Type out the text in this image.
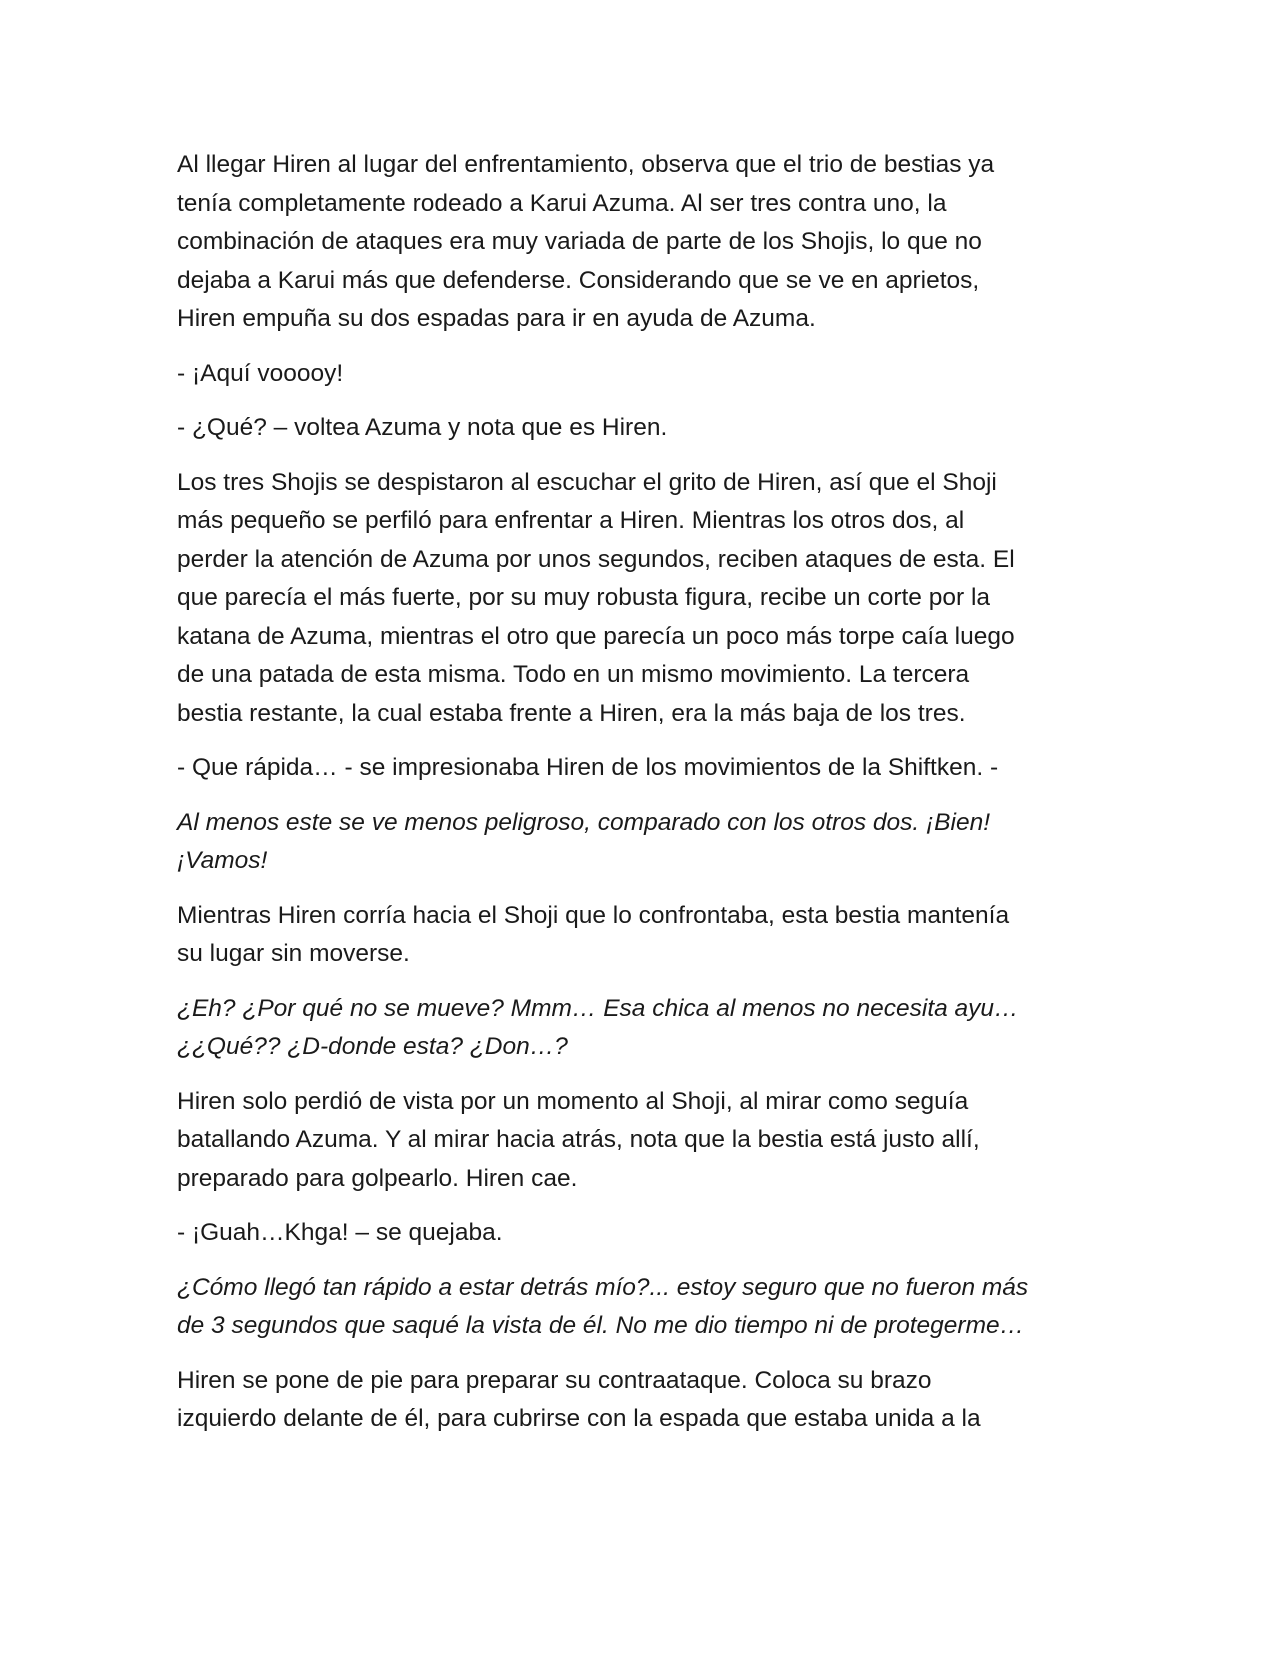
Al llegar Hiren al lugar del enfrentamiento, observa que el trio de bestias ya
tenía completamente rodeado a Karui Azuma. Al ser tres contra uno, la
combinación de ataques era muy variada de parte de los Shojis, lo que no
dejaba a Karui más que defenderse. Considerando que se ve en aprietos,
Hiren empuña su dos espadas para ir en ayuda de Azuma.

- ¡Aquí vooooy!

- ¿Qué? – voltea Azuma y nota que es Hiren.

Los tres Shojis se despistaron al escuchar el grito de Hiren, así que el Shoji
más pequeño se perfiló para enfrentar a Hiren. Mientras los otros dos, al
perder la atención de Azuma por unos segundos, reciben ataques de esta. El
que parecía el más fuerte, por su muy robusta figura, recibe un corte por la
katana de Azuma, mientras el otro que parecía un poco más torpe caía luego
de una patada de esta misma. Todo en un mismo movimiento. La tercera
bestia restante, la cual estaba frente a Hiren, era la más baja de los tres.

- Que rápida… - se impresionaba Hiren de los movimientos de la Shiftken. -

Al menos este se ve menos peligroso, comparado con los otros dos. ¡Bien!
¡Vamos!

Mientras Hiren corría hacia el Shoji que lo confrontaba, esta bestia mantenía
su lugar sin moverse.

¿Eh? ¿Por qué no se mueve? Mmm… Esa chica al menos no necesita ayu…
¿¿Qué?? ¿D-donde esta? ¿Don…?

Hiren solo perdió de vista por un momento al Shoji, al mirar como seguía
batallando Azuma. Y al mirar hacia atrás, nota que la bestia está justo allí,
preparado para golpearlo. Hiren cae.

- ¡Guah…Khga! – se quejaba.

¿Cómo llegó tan rápido a estar detrás mío?... estoy seguro que no fueron más
de 3 segundos que saqué la vista de él. No me dio tiempo ni de protegerme…

Hiren se pone de pie para preparar su contraataque. Coloca su brazo
izquierdo delante de él, para cubrirse con la espada que estaba unida a la
